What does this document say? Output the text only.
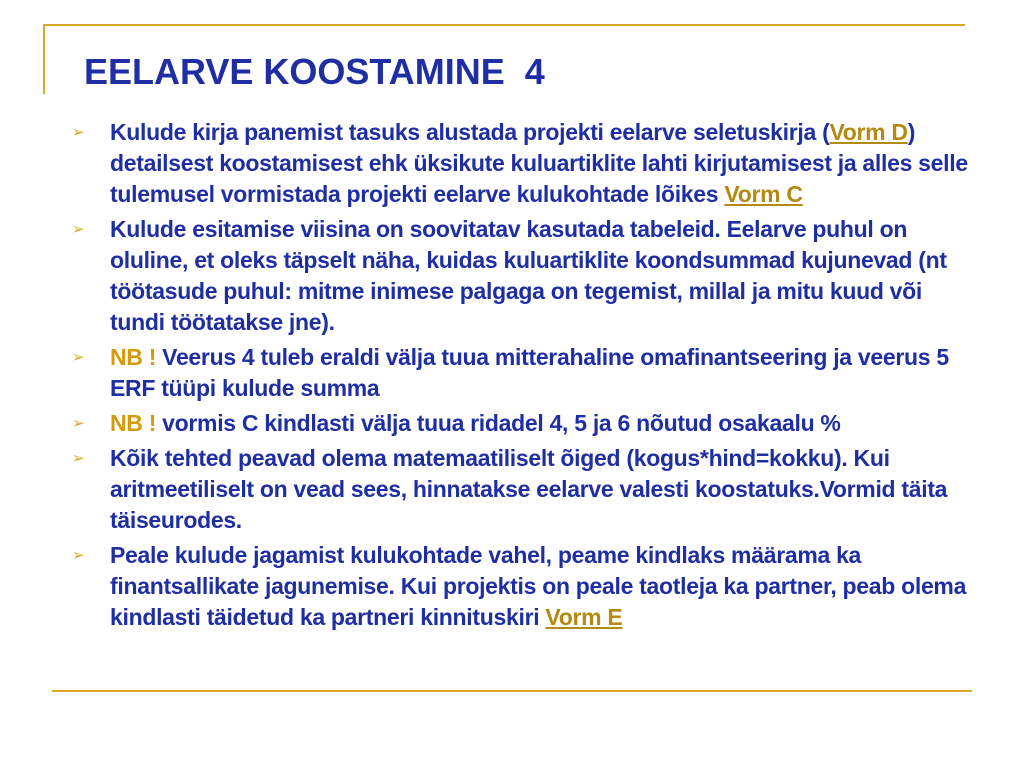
EELARVE KOOSTAMINE  4
➢	Kulude kirja panemist tasuks alustada projekti eelarve seletuskirja (Vorm D) detailsest koostamisest ehk üksikute kuluartiklite lahti kirjutamisest ja alles selle tulemusel vormistada projekti eelarve kulukohtade lõikes Vorm C
➢	Kulude esitamise viisina on soovitatav kasutada tabeleid. Eelarve puhul on oluline, et oleks täpselt näha, kuidas kuluartiklite koondsummad kujunevad (nt töötasude puhul: mitme inimese palgaga on tegemist, millal ja mitu kuud või tundi töötatakse jne).
➢	NB ! Veerus 4 tuleb eraldi välja tuua mitterahaline omafinantseering ja veerus 5 ERF tüüpi kulude summa
➢	NB ! vormis C kindlasti välja tuua ridadel 4, 5 ja 6 nõutud osakaalu %
➢	Kõik tehted peavad olema matemaatiliselt õiged (kogus*hind=kokku). Kui aritmeetiliselt on vead sees, hinnatakse eelarve valesti koostatuks.Vormid täita täiseurodes.
➢	Peale kulude jagamist kulukohtade vahel, peame kindlaks määrama ka finantsallikate jagunemise. Kui projektis on peale taotleja ka partner, peab olema kindlasti täidetud ka partneri kinnituskiri Vorm E
